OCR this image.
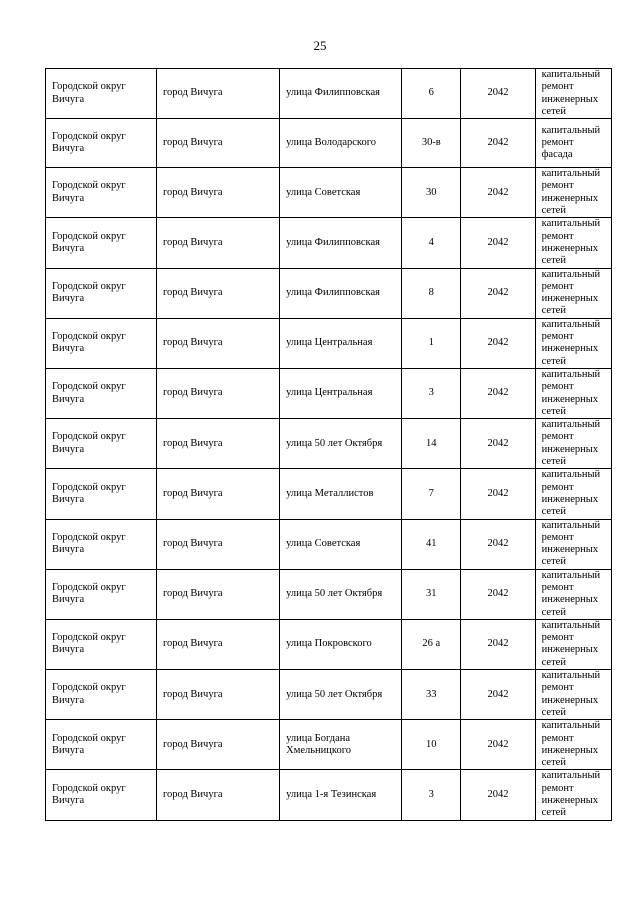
25
Городской округ Вичуга	город Вичуга	улица Филипповская	6	2042	капитальный ремонт инженерных сетей
Городской округ Вичуга	город Вичуга	улица Володарского	30-в	2042	капитальный ремонт фасада
Городской округ Вичуга	город Вичуга	улица Советская	30	2042	капитальный ремонт инженерных сетей
Городской округ Вичуга	город Вичуга	улица Филипповская	4	2042	капитальный ремонт инженерных сетей
Городской округ Вичуга	город Вичуга	улица Филипповская	8	2042	капитальный ремонт инженерных сетей
Городской округ Вичуга	город Вичуга	улица Центральная	1	2042	капитальный ремонт инженерных сетей
Городской округ Вичуга	город Вичуга	улица Центральная	3	2042	капитальный ремонт инженерных сетей
Городской округ Вичуга	город Вичуга	улица 50 лет Октября	14	2042	капитальный ремонт инженерных сетей
Городской округ Вичуга	город Вичуга	улица Металлистов	7	2042	капитальный ремонт инженерных сетей
Городской округ Вичуга	город Вичуга	улица Советская	41	2042	капитальный ремонт инженерных сетей
Городской округ Вичуга	город Вичуга	улица 50 лет Октября	31	2042	капитальный ремонт инженерных сетей
Городской округ Вичуга	город Вичуга	улица Покровского	26 а	2042	капитальный ремонт инженерных сетей
Городской округ Вичуга	город Вичуга	улица 50 лет Октября	33	2042	капитальный ремонт инженерных сетей
Городской округ Вичуга	город Вичуга	улица Богдана Хмельницкого	10	2042	капитальный ремонт инженерных сетей
Городской округ Вичуга	город Вичуга	улица 1-я Тезинская	3	2042	капитальный ремонт инженерных сетей
